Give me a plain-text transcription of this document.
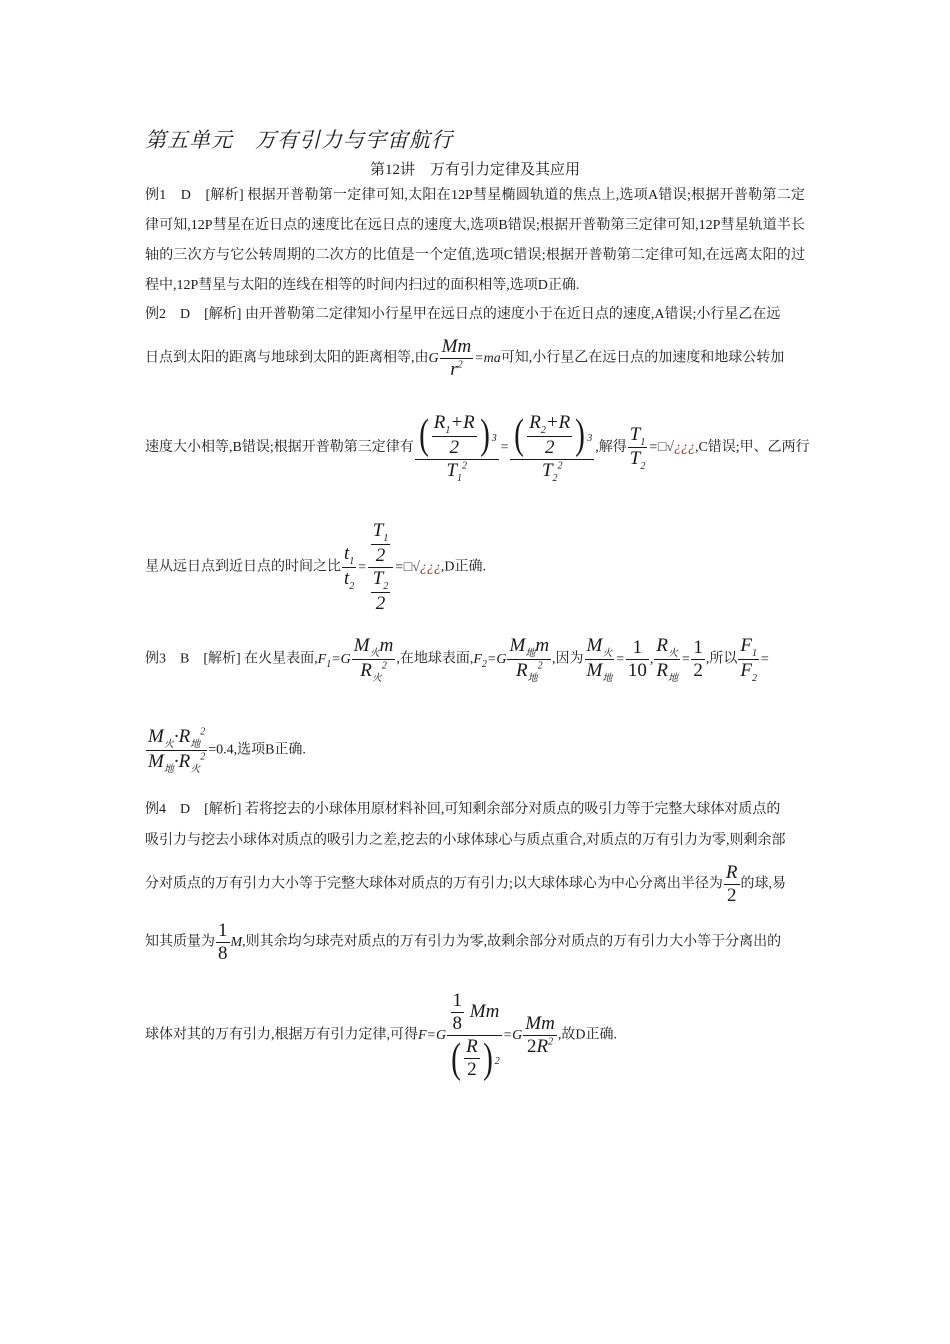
第五单元　万有引力与宇宙航行
第12讲　万有引力定律及其应用
例1　D　[解析] 根据开普勒第一定律可知,太阳在12P彗星椭圆轨道的焦点上,选项A错误;根据开普勒第二定律可知,12P彗星在近日点的速度比在远日点的速度大,选项B错误;根据开普勒第三定律可知,12P彗星轨道半长轴的三次方与它公转周期的二次方的比值是一个定值,选项C错误;根据开普勒第二定律可知,在远离太阳的过程中,12P彗星与太阳的连线在相等的时间内扫过的面积相等,选项D正确.
例2　D　[解析] 由开普勒第二定律知小行星甲在远日点的速度小于在近日点的速度,A错误;小行星乙在远
日点到太阳的距离与地球到太阳的距离相等,由G $\frac{Mm}{r^2} =ma$可知,小行星乙在远日点的加速度和地球公转加
速度大小相等,B错误;根据开普勒第三定律有 $\frac{( \frac{R_1+R}{2} ) ^3}{T_1^2} = \frac{( \frac{R_2+R}{2} ) ^3}{T_2^2}$ ,解得 $\frac{T_1}{T_2}$ =□√¿¿¿,C错误;甲、乙两行
星从远日点到近日点的时间之比 $\frac{t_1}{t_2} = \frac{\frac{T_1}{2}}{\frac{T_2}{2}}$ =□√¿¿¿,D正确.
例3　B　[解析] 在火星表面$,F_1=G \frac{M_火m}{R_火^2}$ ,在地球表面$,F_2=G \frac{M_地m}{R_地^2}$ ,因为 $\frac{M_火}{M_地} = \frac{1}{10}$ , $\frac{R_火}{R_地} = \frac{1}{2}$ ,所以 $\frac{F_1}{F_2}$ =
$\frac{M_火\cdot R_地^2}{M_地\cdot R_火^2} =0.4$,选项B正确.
例4　D　[解析] 若将挖去的小球体用原材料补回,可知剩余部分对质点的吸引力等于完整大球体对质点的
吸引力与挖去小球体对质点的吸引力之差,挖去的小球体球心与质点重合,对质点的万有引力为零,则剩余部
分对质点的万有引力大小等于完整大球体对质点的万有引力;以大球体球心为中心分离出半径为 $\frac{R}{2}$ 的球,易
知其质量为 $\frac{1}{8} M$,则其余均匀球壳对质点的万有引力为零,故剩余部分对质点的万有引力大小等于分离出的
球体对其的万有引力,根据万有引力定律,可得$F=G \frac{\frac{1}{8} Mm}{( \frac{R}{2} ) ^2} =G \frac{Mm}{2R^2}$ ,故D正确.
